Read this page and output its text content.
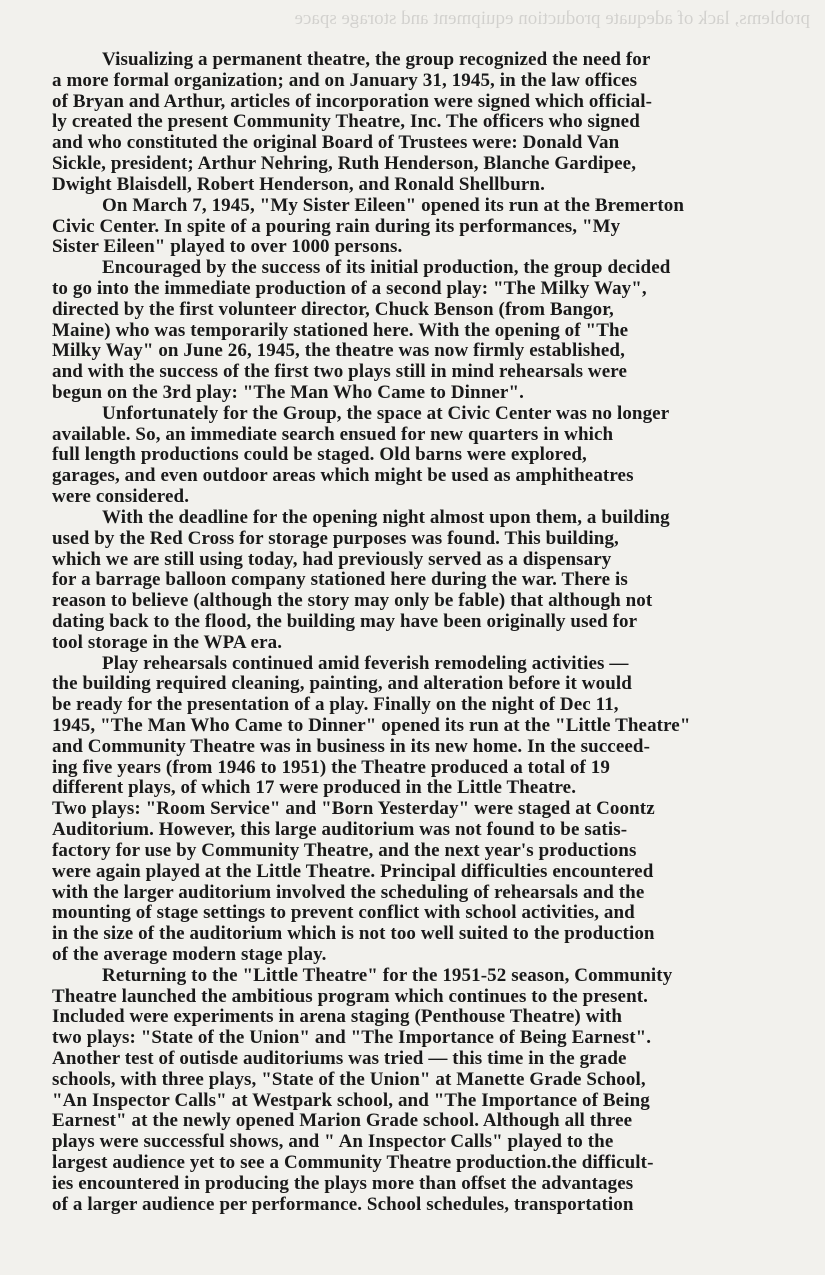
problems, lack of adequate production equipment and storage space
Visualizing a permanent theatre, the group recognized the need for
a more formal organization; and on January 31, 1945, in the law offices
of Bryan and Arthur, articles of incorporation were signed which official-
ly created the present Community Theatre, Inc. The officers who signed
and who constituted the original Board of Trustees were: Donald Van
Sickle, president; Arthur Nehring, Ruth Henderson, Blanche Gardipee,
Dwight Blaisdell, Robert Henderson, and Ronald Shellburn.
On March 7, 1945, "My Sister Eileen" opened its run at the Bremerton
Civic Center. In spite of a pouring rain during its performances, "My
Sister Eileen" played to over 1000 persons.
Encouraged by the success of its initial production, the group decided
to go into the immediate production of a second play: "The Milky Way",
directed by the first volunteer director, Chuck Benson (from Bangor,
Maine) who was temporarily stationed here. With the opening of "The
Milky Way" on June 26, 1945, the theatre was now firmly established,
and with the success of the first two plays still in mind rehearsals were
begun on the 3rd play: "The Man Who Came to Dinner".
Unfortunately for the Group, the space at Civic Center was no longer
available. So, an immediate search ensued for new quarters in which
full length productions could be staged. Old barns were explored,
garages, and even outdoor areas which might be used as amphitheatres
were considered.
With the deadline for the opening night almost upon them, a building
used by the Red Cross for storage purposes was found. This building,
which we are still using today, had previously served as a dispensary
for a barrage balloon company stationed here during the war. There is
reason to believe (although the story may only be fable) that although not
dating back to the flood, the building may have been originally used for
tool storage in the WPA era.
Play rehearsals continued amid feverish remodeling activities —
the building required cleaning, painting, and alteration before it would
be ready for the presentation of a play. Finally on the night of Dec 11,
1945, "The Man Who Came to Dinner" opened its run at the "Little Theatre"
and Community Theatre was in business in its new home. In the succeed-
ing five years (from 1946 to 1951) the Theatre produced a total of 19
different plays, of which 17 were produced in the Little Theatre.
Two plays: "Room Service" and "Born Yesterday" were staged at Coontz
Auditorium. However, this large auditorium was not found to be satis-
factory for use by Community Theatre, and the next year's productions
were again played at the Little Theatre. Principal difficulties encountered
with the larger auditorium involved the scheduling of rehearsals and the
mounting of stage settings to prevent conflict with school activities, and
in the size of the auditorium which is not too well suited to the production
of the average modern stage play.
Returning to the "Little Theatre" for the 1951-52 season, Community
Theatre launched the ambitious program which continues to the present.
Included were experiments in arena staging (Penthouse Theatre) with
two plays: "State of the Union" and "The Importance of Being Earnest".
Another test of outisde auditoriums was tried — this time in the grade
schools, with three plays, "State of the Union" at Manette Grade School,
"An Inspector Calls" at Westpark school, and "The Importance of Being
Earnest" at the newly opened Marion Grade school. Although all three
plays were successful shows, and " An Inspector Calls" played to the
largest audience yet to see a Community Theatre production.the difficult-
ies encountered in producing the plays more than offset the advantages
of a larger audience per performance. School schedules, transportation
